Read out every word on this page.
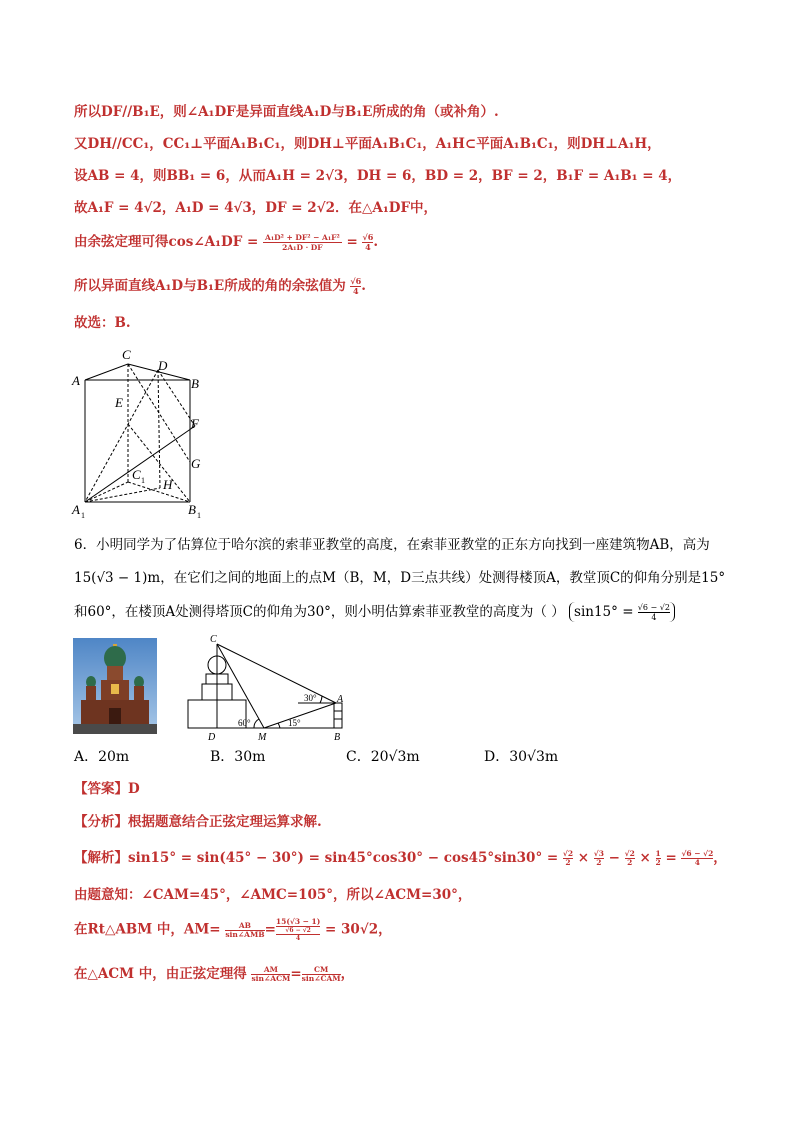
所以DF//B₁E，则∠A₁DF是异面直线A₁D与B₁E所成的角（或补角）.
又DH//CC₁，CC₁⊥平面A₁B₁C₁，则DH⊥平面A₁B₁C₁，A₁H⊂平面A₁B₁C₁，则DH⊥A₁H，
设AB = 4，则BB₁ = 6，从而A₁H = 2√3，DH = 6，BD = 2，BF = 2，B₁F = A₁B₁ = 4，
故A₁F = 4√2，A₁D = 4√3，DF = 2√2．在△A₁DF中，
由余弦定理可得cos∠A₁DF = $\frac{\text{A₁D² + DF² − A₁F²}}{\text{2A₁D · DF}} = \frac{√6}{4}$ .
所以异面直线A₁D与B₁E所成的角的余弦值为 $\frac{√6}{4}$ .
故选：B.
C
D
A	B
E
F
G
C 1 H
A 1	B 1
6．小明同学为了估算位于哈尔滨的索菲亚教堂的高度，在索菲亚教堂的正东方向找到一座建筑物AB，高为
15(√3 − 1)m，在它们之间的地面上的点M（B，M，D三点共线）处测得楼顶A，教堂顶C的仰角分别是15°
和60°，在楼顶A处测得塔顶C的仰角为30°，则小明估算索菲亚教堂的高度为（ ） $\sin 15^\circ = \frac{√6 - √2}{4}$
C
A
D	M	B
30°
60°	15°
A．20m	B．30m	C．20√3m	D．30√3m
【答案】D
【分析】根据题意结合正弦定理运算求解.
【解析】$\sin 15^\circ = \sin(45^\circ - 30^\circ) = \sin 45^\circ\cos 30^\circ - \cos 45^\circ\sin 30^\circ = \frac{√2}{2} \times \frac{√3}{2} - \frac{√2}{2} \times \frac{1}{2} = \frac{√6 - √2}{4}$ ，
由题意知：∠CAM=45°，∠AMC=105°，所以∠ACM=30°，
在Rt△ABM 中，AM=	AB
sin∠AMB = 15(√3 − 1)
√6 − √2
4
= 30√2，
在△ACM 中，由正弦定理得	AM
sin∠ACM =	CM
sin∠CAM ，
